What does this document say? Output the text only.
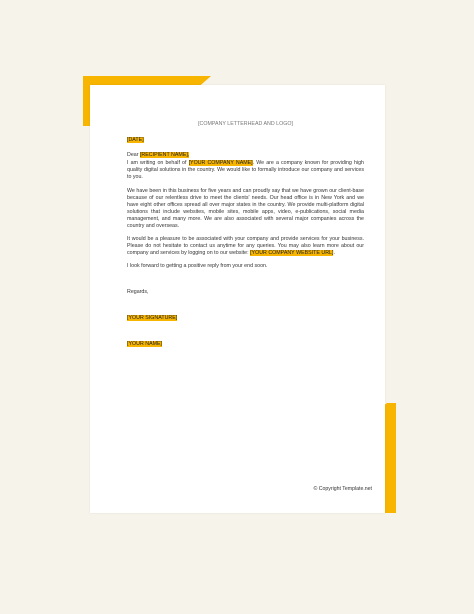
[COMPANY LETTERHEAD AND LOGO]
[DATE]
Dear [RECIPIENT NAME],

I am writing on behalf of [YOUR COMPANY NAME]. We are a company known for providing high quality digital solutions in the country. We would like to formally introduce our company and services to you.

We have been in this business for five years and can proudly say that we have grown our client-base because of our relentless drive to meet the clients' needs. Our head office is in New York and we have eight other offices spread all over major states in the country. We provide multi-platform digital solutions that include websites, mobile sites, mobile apps, video, e-publications, social media management, and many more. We are also associated with several major companies across the country and overseas.

It would be a pleasure to be associated with your company and provide services for your business. Please do not hesitate to contact us anytime for any queries. You may also learn more about our company and services by logging on to our website: [YOUR COMPANY WEBSITE URL].

I look forward to getting a positive reply from your end soon.

Regards,
[YOUR SIGNATURE]
[YOUR NAME]
© Copyright Template.net
